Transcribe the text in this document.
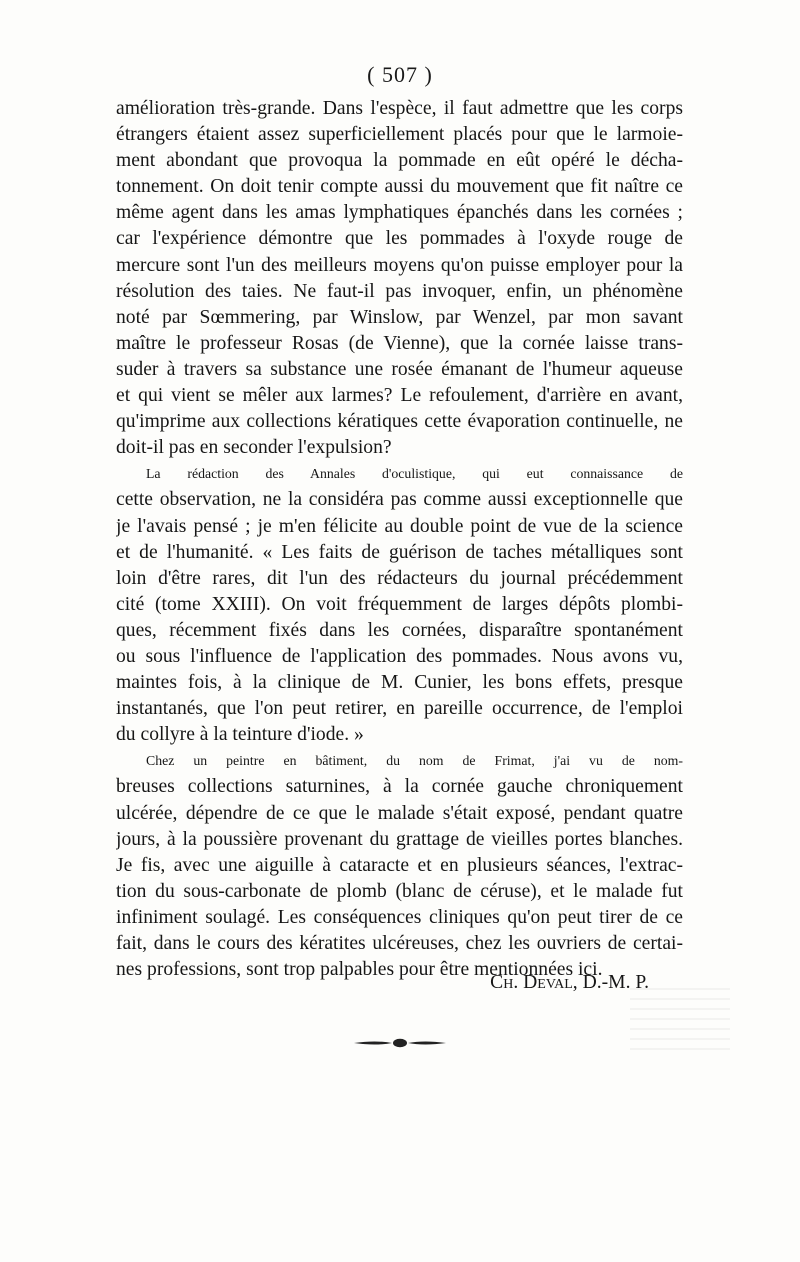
( 507 )
amélioration très-grande. Dans l'espèce, il faut admettre que les corps
étrangers étaient assez superficiellement placés pour que le larmoie-
ment abondant que provoqua la pommade en eût opéré le décha-
tonnement. On doit tenir compte aussi du mouvement que fit naître ce
même agent dans les amas lymphatiques épanchés dans les cornées ;
car l'expérience démontre que les pommades à l'oxyde rouge de
mercure sont l'un des meilleurs moyens qu'on puisse employer pour la
résolution des taies. Ne faut-il pas invoquer, enfin, un phénomène
noté par Sœmmering, par Winslow, par Wenzel, par mon savant
maître le professeur Rosas (de Vienne), que la cornée laisse trans-
suder à travers sa substance une rosée émanant de l'humeur aqueuse
et qui vient se mêler aux larmes? Le refoulement, d'arrière en avant,
qu'imprime aux collections kératiques cette évaporation continuelle, ne
doit-il pas en seconder l'expulsion?
La rédaction des Annales d'oculistique, qui eut connaissance de
cette observation, ne la considéra pas comme aussi exceptionnelle que
je l'avais pensé ; je m'en félicite au double point de vue de la science
et de l'humanité. « Les faits de guérison de taches métalliques sont
loin d'être rares, dit l'un des rédacteurs du journal précédemment
cité (tome XXIII). On voit fréquemment de larges dépôts plombi-
ques, récemment fixés dans les cornées, disparaître spontanément
ou sous l'influence de l'application des pommades. Nous avons vu,
maintes fois, à la clinique de M. Cunier, les bons effets, presque
instantanés, que l'on peut retirer, en pareille occurrence, de l'emploi
du collyre à la teinture d'iode. »
Chez un peintre en bâtiment, du nom de Frimat, j'ai vu de nom-
breuses collections saturnines, à la cornée gauche chroniquement
ulcérée, dépendre de ce que le malade s'était exposé, pendant quatre
jours, à la poussière provenant du grattage de vieilles portes blanches.
Je fis, avec une aiguille à cataracte et en plusieurs séances, l'extrac-
tion du sous-carbonate de plomb (blanc de céruse), et le malade fut
infiniment soulagé. Les conséquences cliniques qu'on peut tirer de ce
fait, dans le cours des kératites ulcéreuses, chez les ouvriers de certai-
nes professions, sont trop palpables pour être mentionnées ici.
Ch. Deval, D.-M. P.
